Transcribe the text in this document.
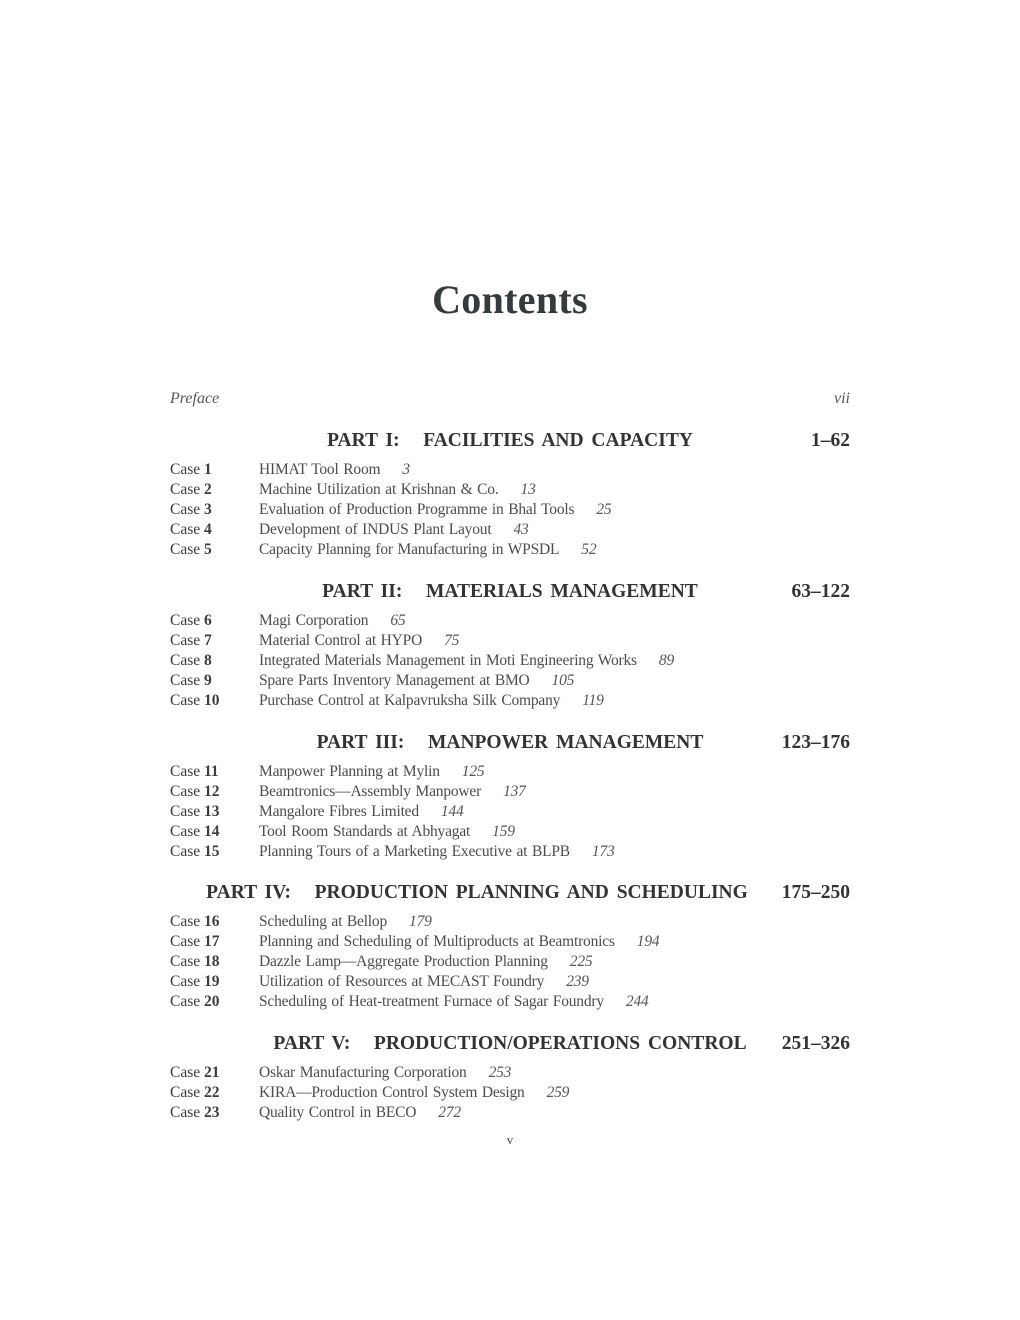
Contents
Preface	vii
PART I:   FACILITIES AND CAPACITY	1–62
Case 1	HIMAT Tool Room 3
Case 2	Machine Utilization at Krishnan & Co. 13
Case 3	Evaluation of Production Programme in Bhal Tools 25
Case 4	Development of INDUS Plant Layout 43
Case 5	Capacity Planning for Manufacturing in WPSDL 52
PART II:   MATERIALS MANAGEMENT	63–122
Case 6	Magi Corporation 65
Case 7	Material Control at HYPO 75
Case 8	Integrated Materials Management in Moti Engineering Works 89
Case 9	Spare Parts Inventory Management at BMO 105
Case 10	Purchase Control at Kalpavruksha Silk Company 119
PART III:   MANPOWER MANAGEMENT	123–176
Case 11	Manpower Planning at Mylin 125
Case 12	Beamtronics—Assembly Manpower 137
Case 13	Mangalore Fibres Limited 144
Case 14	Tool Room Standards at Abhyagat 159
Case 15	Planning Tours of a Marketing Executive at BLPB 173
PART IV:   PRODUCTION PLANNING AND SCHEDULING 175–250
Case 16	Scheduling at Bellop 179
Case 17	Planning and Scheduling of Multiproducts at Beamtronics 194
Case 18	Dazzle Lamp—Aggregate Production Planning 225
Case 19	Utilization of Resources at MECAST Foundry 239
Case 20	Scheduling of Heat-treatment Furnace of Sagar Foundry 244
PART V:   PRODUCTION/OPERATIONS CONTROL 251–326
Case 21	Oskar Manufacturing Corporation 253
Case 22	KIRA—Production Control System Design 259
Case 23	Quality Control in BECO 272
v
